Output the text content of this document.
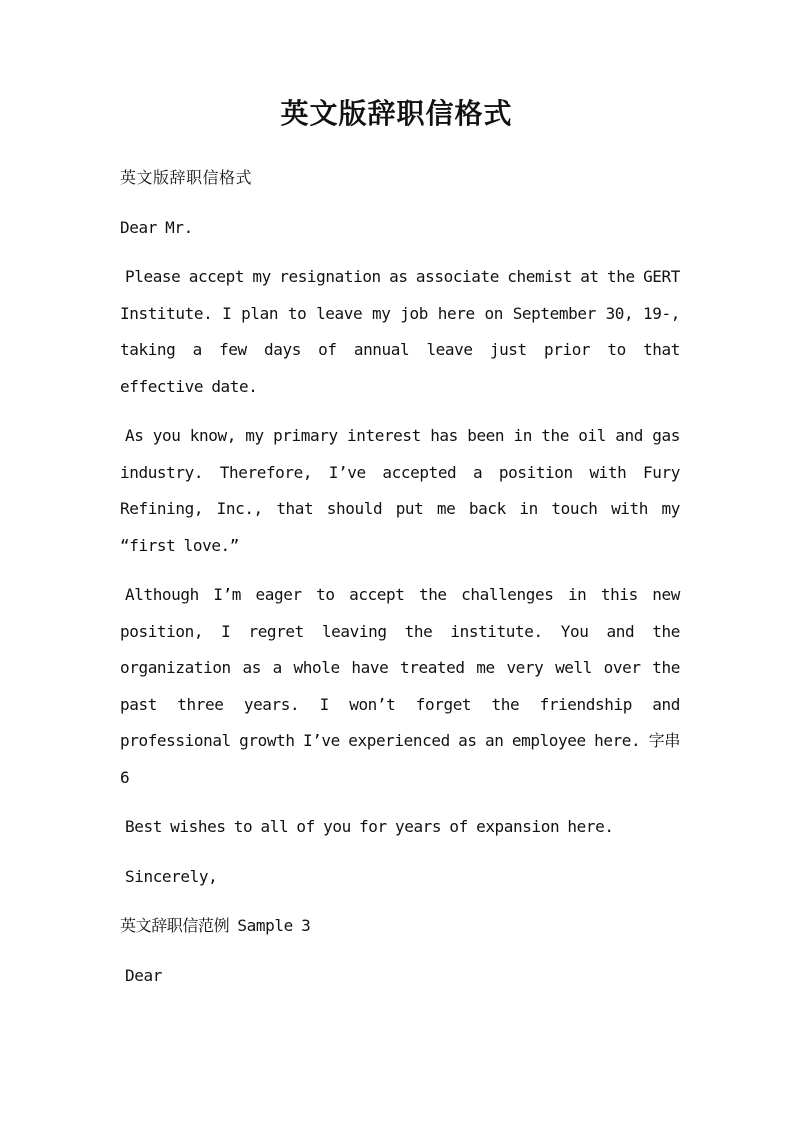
英文版辞职信格式

英文版辞职信格式

Dear Mr.

Please accept my resignation as associate chemist at the GERT Institute. I plan to leave my job here on September 30, 19-, taking a few days of annual leave just prior to that effective date.

As you know, my primary interest has been in the oil and gas industry. Therefore, I’ve accepted a position with Fury Refining, Inc., that should put me back in touch with my “first love.”

Although I’m eager to accept the challenges in this new position, I regret leaving the institute. You and the organization as a whole have treated me very well over the past three years. I won’t forget the friendship and professional growth I’ve experienced as an employee here. 字串6

Best wishes to all of you for years of expansion here.

Sincerely,

英文辞职信范例 Sample 3

Dear
